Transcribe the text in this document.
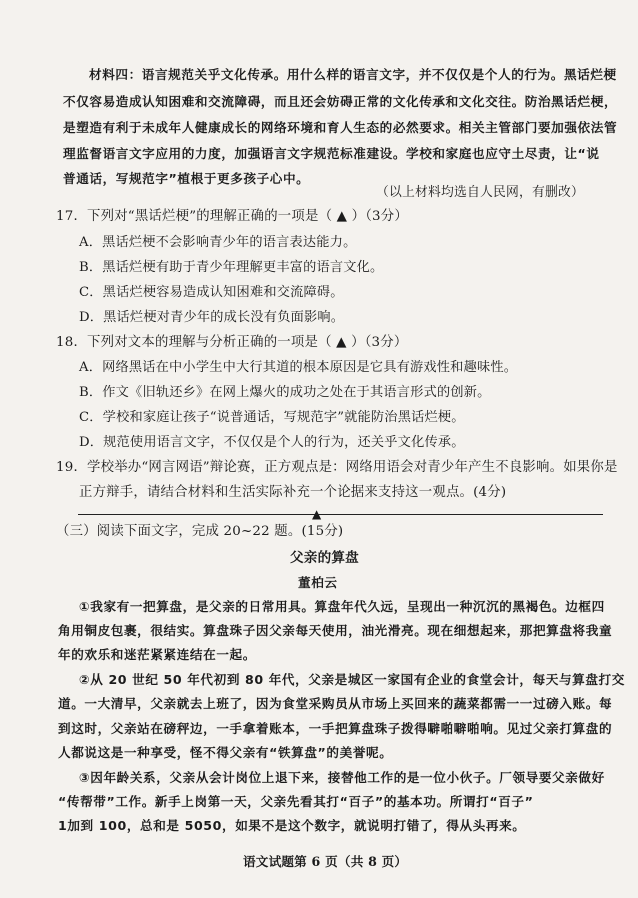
材料四：语言规范关乎文化传承。用什么样的语言文字，并不仅仅是个人的行为。黑话烂梗
不仅容易造成认知困难和交流障碍，而且还会妨碍正常的文化传承和文化交往。防治黑话烂梗，
是塑造有利于未成年人健康成长的网络环境和育人生态的必然要求。相关主管部门要加强依法管
理监督语言文字应用的力度，加强语言文字规范标准建设。学校和家庭也应守土尽责，让“说
普通话，写规范字”植根于更多孩子心中。
（以上材料均选自人民网，有删改）
17．下列对“黑话烂梗”的理解正确的一项是（ ▲ ）（3分）
A．黑话烂梗不会影响青少年的语言表达能力。
B．黑话烂梗有助于青少年理解更丰富的语言文化。
C．黑话烂梗容易造成认知困难和交流障碍。
D．黑话烂梗对青少年的成长没有负面影响。
18．下列对文本的理解与分析正确的一项是（ ▲ ）（3分）
A．网络黑话在中小学生中大行其道的根本原因是它具有游戏性和趣味性。
B．作文《旧轨还乡》在网上爆火的成功之处在于其语言形式的创新。
C．学校和家庭让孩子“说普通话，写规范字”就能防治黑话烂梗。
D．规范使用语言文字，不仅仅是个人的行为，还关乎文化传承。
19．学校举办“网言网语”辩论赛，正方观点是：网络用语会对青少年产生不良影响。如果你是
正方辩手，请结合材料和生活实际补充一个论据来支持这一观点。(4分)
▲
（三）阅读下面文字，完成 20~22 题。(15分)
父亲的算盘
董柏云
①我家有一把算盘，是父亲的日常用具。算盘年代久远，呈现出一种沉沉的黑褐色。边框四
角用铜皮包裹，很结实。算盘珠子因父亲每天使用，油光滑亮。现在细想起来，那把算盘将我童
年的欢乐和迷茫紧紧连结在一起。
②从 20 世纪 50 年代初到 80 年代，父亲是城区一家国有企业的食堂会计，每天与算盘打交
道。一大清早，父亲就去上班了，因为食堂采购员从市场上买回来的蔬菜都需一一过磅入账。每
到这时，父亲站在磅秤边，一手拿着账本，一手把算盘珠子拨得噼啪噼啪响。见过父亲打算盘的
人都说这是一种享受，怪不得父亲有“铁算盘”的美誉呢。
③因年龄关系，父亲从会计岗位上退下来，接替他工作的是一位小伙子。厂领导要父亲做好
“传帮带”工作。新手上岗第一天，父亲先看其打“百子”的基本功。所谓打“百子”
1加到 100，总和是 5050，如果不是这个数字，就说明打错了，得从头再来。
语文试题第 6 页（共 8 页）
